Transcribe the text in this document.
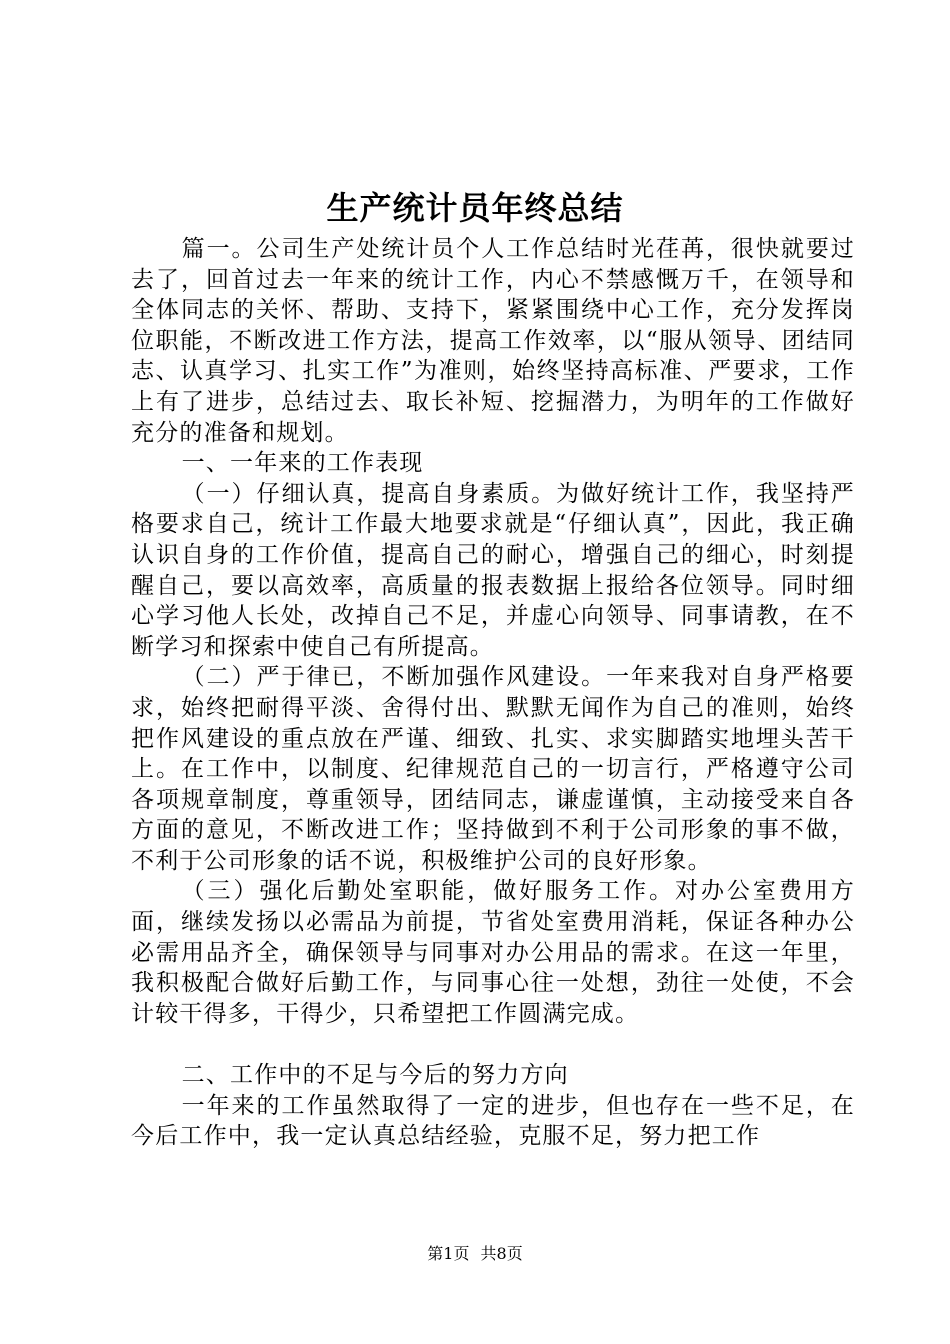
生产统计员年终总结

篇一。公司生产处统计员个人工作总结时光荏苒，很快就要过去了，回首过去一年来的统计工作，内心不禁感慨万千，在领导和全体同志的关怀、帮助、支持下，紧紧围绕中心工作，充分发挥岗位职能，不断改进工作方法，提高工作效率，以“服从领导、团结同志、认真学习、扎实工作”为准则，始终坚持高标准、严要求，工作上有了进步，总结过去、取长补短、挖掘潜力，为明年的工作做好充分的准备和规划。

一、一年来的工作表现

（一）仔细认真，提高自身素质。为做好统计工作，我坚持严格要求自己，统计工作最大地要求就是“仔细认真”，因此，我正确认识自身的工作价值，提高自己的耐心，增强自己的细心，时刻提醒自己，要以高效率，高质量的报表数据上报给各位领导。同时细心学习他人长处，改掉自己不足，并虚心向领导、同事请教，在不断学习和探索中使自己有所提高。

（二）严于律已，不断加强作风建设。一年来我对自身严格要求，始终把耐得平淡、舍得付出、默默无闻作为自己的准则，始终把作风建设的重点放在严谨、细致、扎实、求实脚踏实地埋头苦干上。在工作中，以制度、纪律规范自己的一切言行，严格遵守公司各项规章制度，尊重领导，团结同志，谦虚谨慎，主动接受来自各方面的意见，不断改进工作；坚持做到不利于公司形象的事不做，不利于公司形象的话不说，积极维护公司的良好形象。

（三）强化后勤处室职能，做好服务工作。对办公室费用方面，继续发扬以必需品为前提，节省处室费用消耗，保证各种办公必需用品齐全，确保领导与同事对办公用品的需求。在这一年里，我积极配合做好后勤工作，与同事心往一处想，劲往一处使，不会计较干得多，干得少，只希望把工作圆满完成。

二、工作中的不足与今后的努力方向

一年来的工作虽然取得了一定的进步，但也存在一些不足，在今后工作中，我一定认真总结经验，克服不足，努力把工作

第1页 共8页
